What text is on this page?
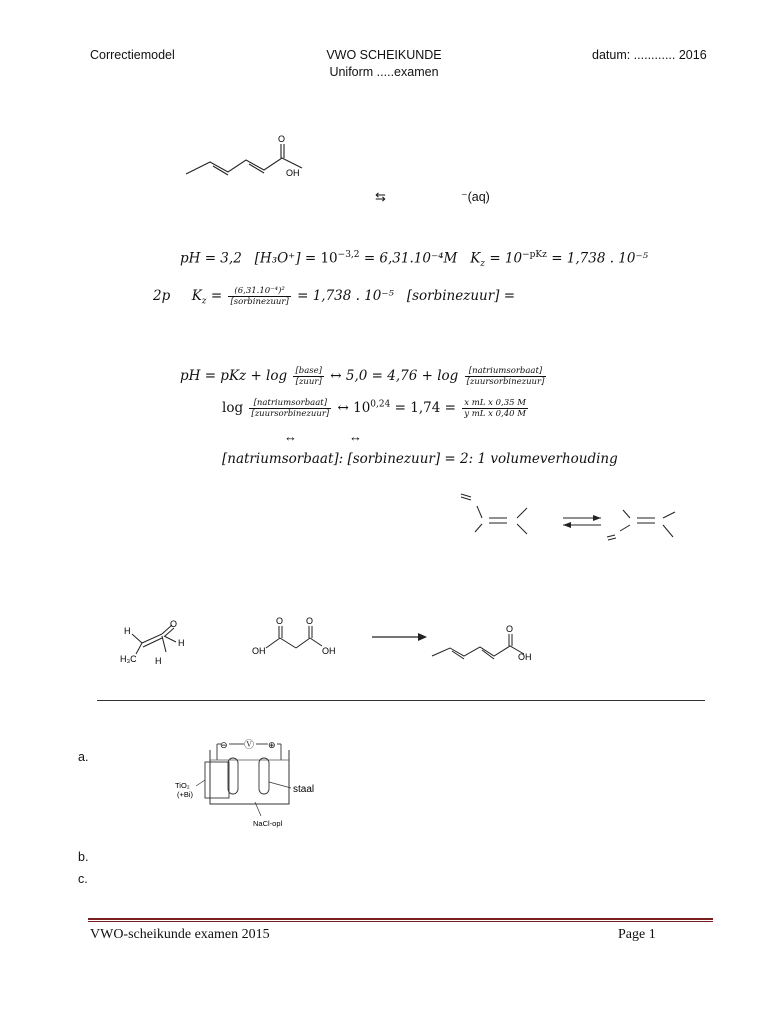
Correctiemodel	VWO SCHEIKUNDE
Uniform .....examen
datum: ............ 2016
O
OH
⇆	⁻(aq)
pH = 3,2 $[H_3O^+] = 10^{-3,2} = 6,31.10^{-4}M$ $K_z = 10^{-pKz} = 1,738$ . 10⁻⁵
2p $K_z = \frac{\text{(6,31.10⁻⁴)²}}{\text{[sorbinezuur]}} = 1,738$ . 10⁻⁵ [sorbinezuur] =
pH = pKz + $\log \frac{\text{[base]}}{\text{[zuur]}}$ ↔ $5,0 = 4,76 + \log \frac{\text{[natriumsorbaat]}}{\text{[zuursorbinezuur]}}$
$\log \frac{\text{[natriumsorbaat]}}{\text{[zuursorbinezuur]}}$ ↔ $10^{0,24} = 1,74 = \frac{\text{x mL x 0,35 M}}{\text{y mL x 0,40 M}}$
↔	↔
[natriumsorbaat]: [sorbinezuur] = 2: 1 volumeverhouding
H
H₃C H
O
H
OH
O	O
OH
O
OH
a.
b.
c.
⊖ Ⓥ ⊕
TiO₂
(+Bi)	staal
NaCl-opl
VWO-scheikunde examen 2015	Page 1
